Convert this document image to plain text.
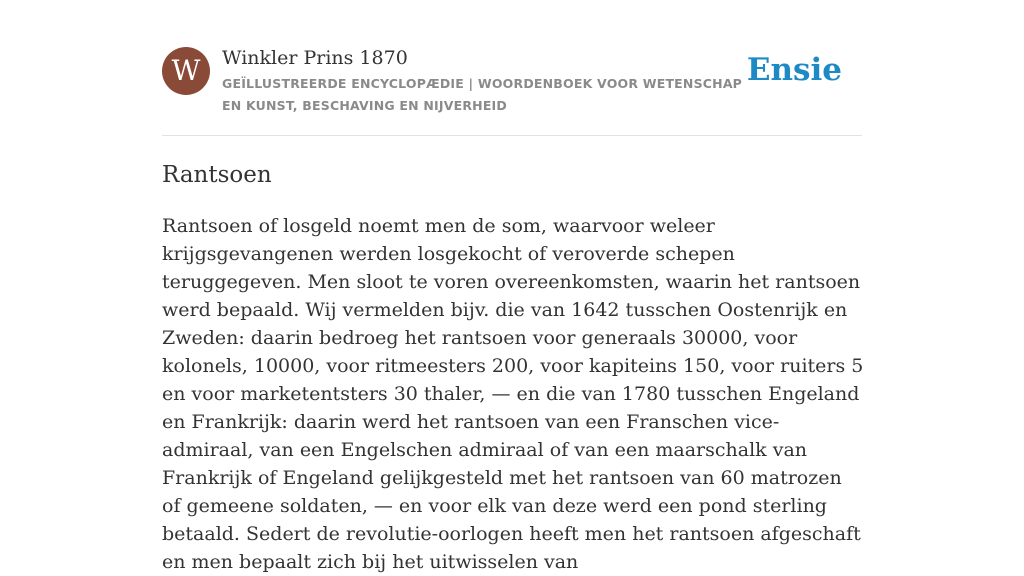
W	Winkler Prins 1870
GEÏLLUSTREERDE ENCYCLOPÆDIE | WOORDENBOEK VOOR WETENSCHAP EN KUNST, BESCHAVING EN NIJVERHEID
Ensie
Rantsoen

Rantsoen of losgeld noemt men de som, waarvoor weleer krijgsgevangenen werden losgekocht of veroverde schepen teruggegeven. Men sloot te voren overeenkomsten, waarin het rantsoen werd bepaald. Wij vermelden bijv. die van 1642 tusschen Oostenrijk en Zweden: daarin bedroeg het rantsoen voor generaals 30000, voor kolonels, 10000, voor ritmeesters 200, voor kapiteins 150, voor ruiters 5 en voor marketentsters 30 thaler, — en die van 1780 tusschen Engeland en Frankrijk: daarin werd het rantsoen van een Franschen vice-admiraal, van een Engelschen admiraal of van een maarschalk van Frankrijk of Engeland gelijkgesteld met het rantsoen van 60 matrozen of gemeene soldaten, — en voor elk van deze werd een pond sterling betaald. Sedert de revolutie-oorlogen heeft men het rantsoen afgeschaft en men bepaalt zich bij het uitwisselen van
